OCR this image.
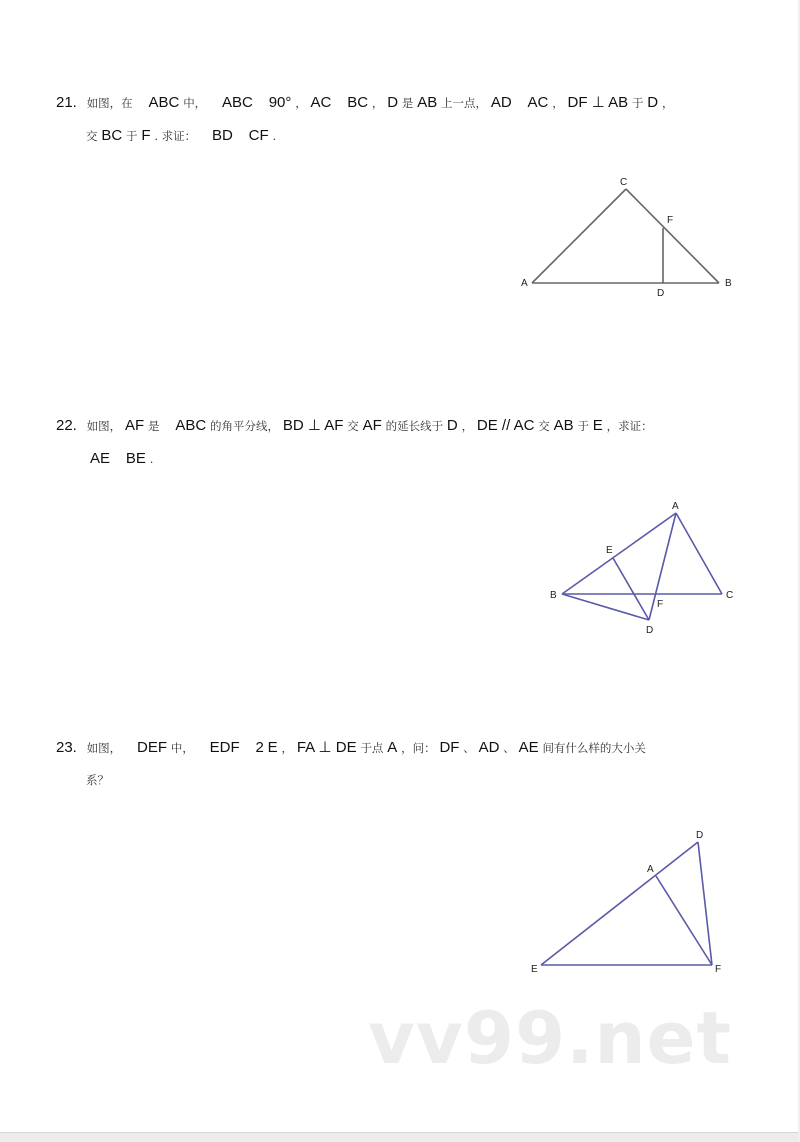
21. 如图，在 ABC 中， ABC 90° ， AC BC ， D 是 AB 上一点， AD AC ， DF ⊥ AB 于 D ，
交 BC 于 F . 求证： BD CF .
A	B
C
D
F
22. 如图， AF 是 ABC 的角平分线， BD ⊥ AF 交 AF 的延长线于 D ， DE // AC 交 AB 于 E ，求证：
AE BE .
A
B	C
D
E
F
23. 如图， DEF 中， EDF 2 E ， FA ⊥ DE 于点 A ，问： DF 、 AD 、 AE 间有什么样的大小关
系？
D
E	F
A
vv99.net
